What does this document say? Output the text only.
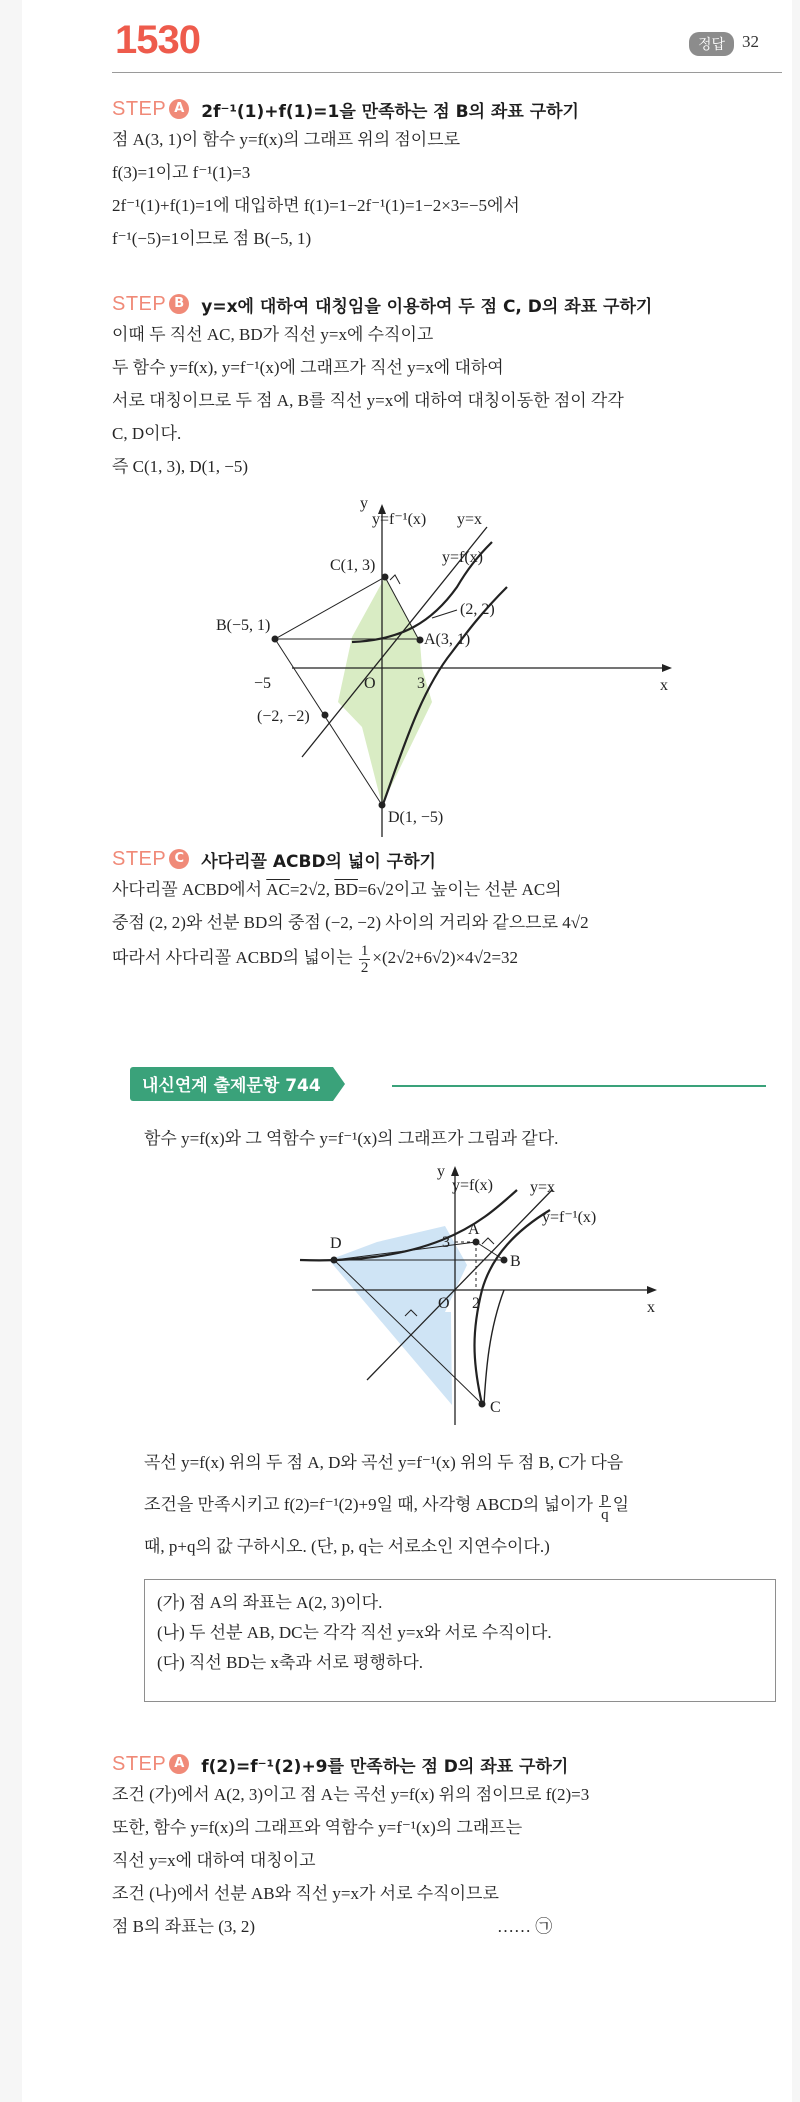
1530	정답 32
STEP A 2f⁻¹(1)+f(1)=1을 만족하는 점 B의 좌표 구하기
점 A(3, 1)이 함수 y=f(x)의 그래프 위의 점이므로
f(3)=1이고 f⁻¹(1)=3
2f⁻¹(1)+f(1)=1에 대입하면 f(1)=1−2f⁻¹(1)=1−2×3=−5에서
f⁻¹(−5)=1이므로 점 B(−5, 1)
STEP B y=x에 대하여 대칭임을 이용하여 두 점 C, D의 좌표 구하기
이때 두 직선 AC, BD가 직선 y=x에 수직이고
두 함수 y=f(x), y=f⁻¹(x)에 그래프가 직선 y=x에 대하여
서로 대칭이므로 두 점 A, B를 직선 y=x에 대하여 대칭이동한 점이 각각
C, D이다.
즉 C(1, 3), D(1, −5)
y
x
O
y=f⁻¹(x) y=x
y=f(x)
C(1, 3)
B(−5, 1)
A(3, 1)
(2, 2)
(−2, −2)
D(1, −5)
−5	3
STEP C	사다리꼴 ACBD의 넓이 구하기
사다리꼴 ACBD에서 $\overline{AC}=2√2$, $\overline{BD}=6√2$이고 높이는 선분 AC의
중점 (2, 2)와 선분 BD의 중점 (−2, −2) 사이의 거리와 같으므로 4√2
따라서 사다리꼴 ACBD의 넓이는 $\frac{1}{2} \times(2√2+6√2)\times 4√2=32$
내신연계 출제문항 744
함수 y=f(x)와 그 역함수 y=f⁻¹(x)의 그래프가 그림과 같다.
y
x
O
y=f(x) y=x
y=f⁻¹(x)
A
B
C
D	3
2
곡선 y=f(x) 위의 두 점 A, D와 곡선 y=f⁻¹(x) 위의 두 점 B, C가 다음
조건을 만족시키고 f(2)=f⁻¹(2)+9일 때, 사각형 ABCD의 넓이가 $\frac{p}{q}$ 일
때, p+q의 값 구하시오. (단, p, q는 서로소인 지연수이다.)
(가) 점 A의 좌표는 A(2, 3)이다.
(나) 두 선분 AB, DC는 각각 직선 y=x와 서로 수직이다.
(다) 직선 BD는 x축과 서로 평행하다.
STEP A f(2)=f⁻¹(2)+9를 만족하는 점 D의 좌표 구하기
조건 (가)에서 A(2, 3)이고 점 A는 곡선 y=f(x) 위의 점이므로 f(2)=3
또한, 함수 y=f(x)의 그래프와 역함수 y=f⁻¹(x)의 그래프는
직선 y=x에 대하여 대칭이고
조건 (나)에서 선분 AB와 직선 y=x가 서로 수직이므로
점 B의 좌표는 (3, 2)	…… ㉠
